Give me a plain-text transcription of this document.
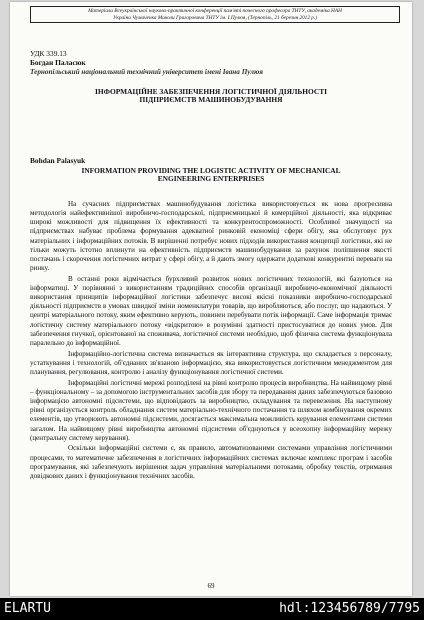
Матеріали Всеукраїнської науково-практичної конференції пам'яті почесного професора ТНТУ, академіка НАН
України Чумаченка Миколи Григоровича ТНТУ ім. І.Пулюя, (Тернопіль, 21 березня 2012 р.)
УДК 339.13
Богдан Паласюк
Тернопільський національний технічний університет імені Івана Пулюя
ІНФОРМАЦІЙНЕ ЗАБЕЗПЕЧЕННЯ ЛОГІСТИЧНОЇ ДІЯЛЬНОСТІ
ПІДПРИЄМСТВ МАШИНОБУДУВАННЯ
Bohdan Palasyuk
INFORMATION PROVIDING THE LOGISTIC ACTIVITY OF MECHANICAL
ENGINEERING ENTERPRISES

На сучасних підприємствах машинобудування логістика використовується як нова прогресивна методологія найефективнішої виробничо-господарської, підприємницької й комерційної діяльності, яка відкриває широкі можливості для підвищення їх ефективності та конкурентоспроможності. Особливої значущості на підприємствах набуває проблема формування адекватної ринковій економіці сфери обігу, яка обслуговує рух матеріальних і інформаційних потоків. В вирішенні потребує нових підходів використання концепції логістики, які не тільки можуть істотно вплинути на ефективність підприємств машинобудування за рахунок поліпшення якості постачань і скорочення логістичних витрат у сфері обігу, а й дають змогу одержати додаткові конкурентні переваги на ринку.

В останні роки відмічається бурхливий розвиток нових логістичних технологій, які базуються на інформатиці. У порівнянні з використанням традиційних способів організації виробничо-економічної діяльності використання принципів інформаційної логістики забезпечує високі якісні показники виробничо-господарської діяльності підприємств в умовах швидкої зміни номенклатури товарів, що виробляються, або послуг, що надаються. У центрі матеріального потоку, яким ефективно керують, повинен перебувати потік інформації. Саме інформація тримає логістичну систему матеріального потоку «відкритою» в розумінні здатності пристосуватися до нових умов. Для забезпечення гнучкої, орієнтованої на споживача, логістичної системи необхідно, щоб фізична система функціонувала паралельно до інформаційної.

Інформаційно-логістична система визначається як інтерактивна структура, що складається з персоналу, устаткування і технологій, об'єднаних зв'язаною інформацією, яка використовується логістичним менеджментом для планування, регулювання, контролю і аналізу функціонування логістичної системи.

Інформаційні логістичні мережі розподілені на рівні контролю процесів виробництва. На найвищому рівні – функціональному – за допомогою інструментальних засобів для збору та передавання даних забезпечуються базовою інформацією автономні підсистеми, що відповідають за виробництво, складування та перевезення. На наступному рівні організується контроль обладнання систем матеріально-технічного постачання та шляхом комбінування окремих елементів, що утворюють автономні підсистеми, досягається максимальна можливість керування елементами системи загалом. На найвищому рівні виробництва автономні підсистеми об'єднуються у всеохопну інформаційну мережу (центральну систему керування).

Оскільки інформаційні системи є, як правило, автоматизованими системами управління логістичними процесами, то математичне забезпечення в логістичних інформаційних системах включає комплекс програм і засобів програмування, які забезпечують вирішення задач управління матеріальними потоками, обробку текстів, отримання довідкових даних і функціонування технічних засобів.

69
ELARTU	hdl:123456789/7795
